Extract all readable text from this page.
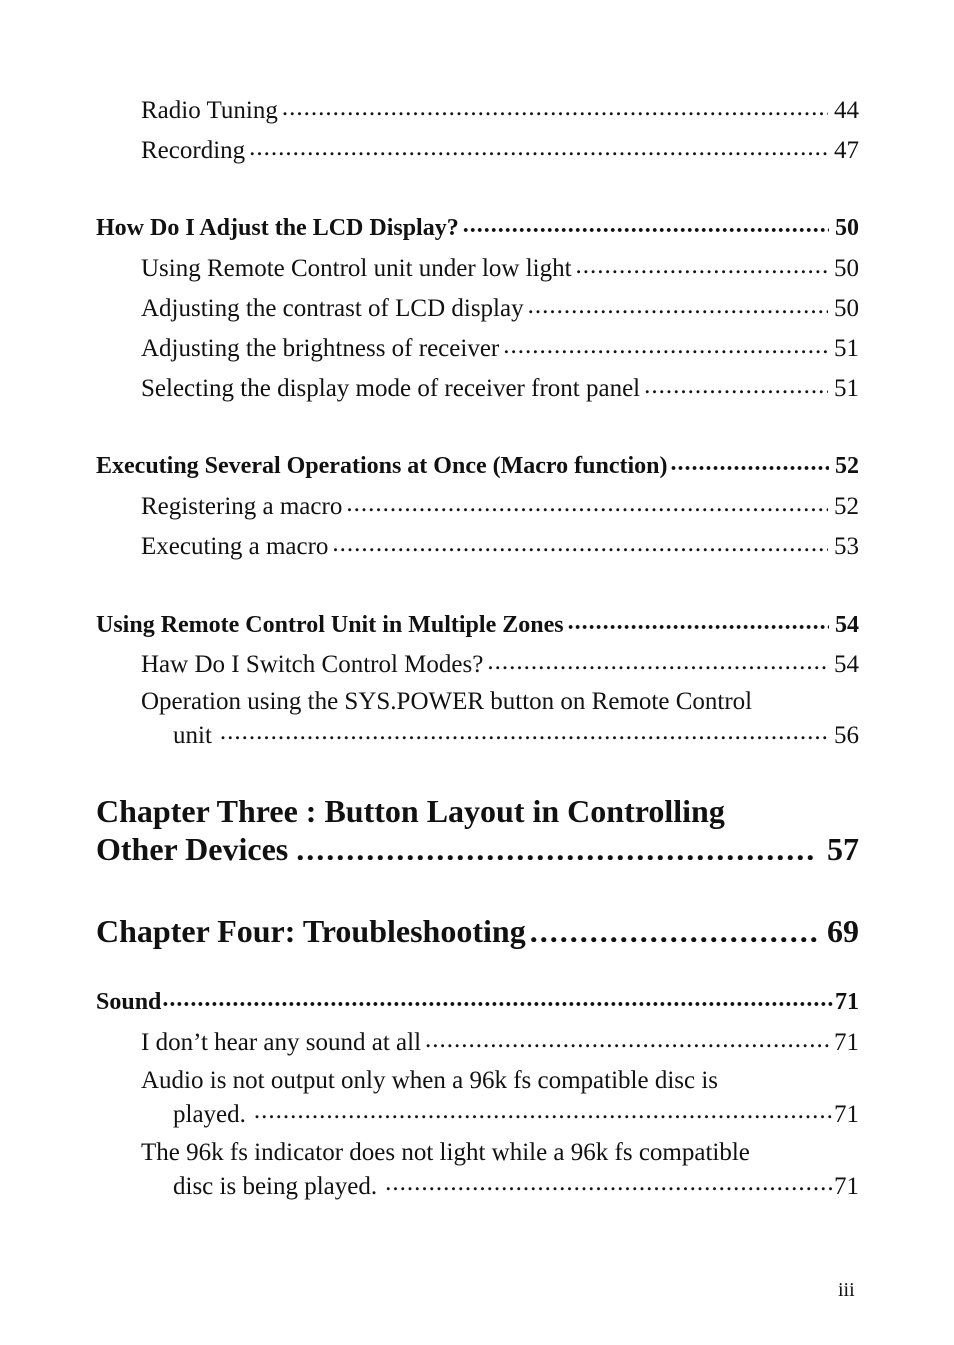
Radio Tuning .....	44
Recording .....	47
How Do I Adjust the LCD Display? .....	50
Using Remote Control unit under low light .....	50
Adjusting the contrast of LCD display .....	50
Adjusting the brightness of receiver .....	51
Selecting the display mode of receiver front panel .....	51
Executing Several Operations at Once (Macro function) .....	52
Registering a macro .....	52
Executing a macro .....	53
Using Remote Control Unit in Multiple Zones .....	54
Haw Do I Switch Control Modes? .....	54
Operation using the SYS.POWER button on Remote Control
unit .....	56
Chapter Three : Button Layout in Controlling
Other Devices .....	57
Chapter Four: Troubleshooting .....	69
Sound .....	71
I don’t hear any sound at all .....	71
Audio is not output only when a 96k fs compatible disc is
played. .....	71
The 96k fs indicator does not light while a 96k fs compatible
disc is being played. .....	71
iii
